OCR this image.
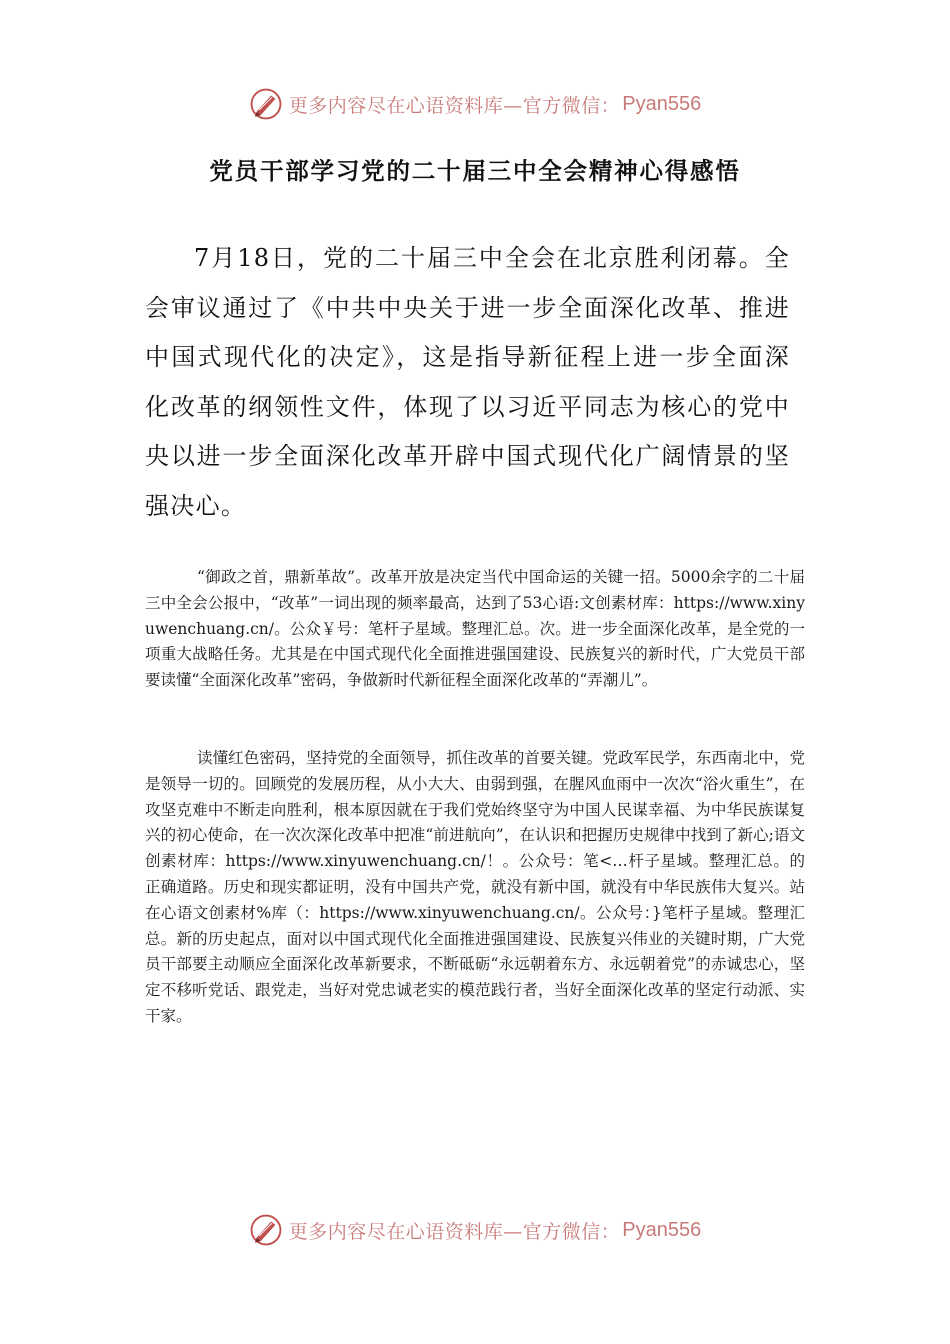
更多内容尽在心语资料库—官方微信： Pyan556
党员干部学习党的二十届三中全会精神心得感悟

7月18日，党的二十届三中全会在北京胜利闭幕。全会审议通过了《中共中央关于进一步全面深化改革、推进中国式现代化的决定》，这是指导新征程上进一步全面深化改革的纲领性文件，体现了以习近平同志为核心的党中央以进一步全面深化改革开辟中国式现代化广阔情景的坚强决心。

“御政之首，鼎新革故”。改革开放是决定当代中国命运的关键一招。5000余字的二十届三中全会公报中，“改革”一词出现的频率最高，达到了53心语:文创素材库：https://www.xinyuwenchuang.cn/。公众￥号：笔杆子星域。整理汇总。次。进一步全面深化改革，是全党的一项重大战略任务。尤其是在中国式现代化全面推进强国建设、民族复兴的新时代，广大党员干部要读懂“全面深化改革”密码，争做新时代新征程全面深化改革的“弄潮儿”。

读懂红色密码，坚持党的全面领导，抓住改革的首要关键。党政军民学，东西南北中，党是领导一切的。回顾党的发展历程，从小大大、由弱到强，在腥风血雨中一次次“浴火重生”，在攻坚克难中不断走向胜利，根本原因就在于我们党始终坚守为中国人民谋幸福、为中华民族谋复兴的初心使命，在一次次深化改革中把准“前进航向”，在认识和把握历史规律中找到了新心;语文创素材库：https://www.xinyuwenchuang.cn/！。公众号：笔<…杆子星域。整理汇总。的正确道路。历史和现实都证明，没有中国共产党，就没有新中国，就没有中华民族伟大复兴。站在心语文创素材%库（：https://www.xinyuwenchuang.cn/。公众号：}笔杆子星域。整理汇总。新的历史起点，面对以中国式现代化全面推进强国建设、民族复兴伟业的关键时期，广大党员干部要主动顺应全面深化改革新要求，不断砥砺“永远朝着东方、永远朝着党”的赤诚忠心，坚定不移听党话、跟党走，当好对党忠诚老实的模范践行者，当好全面深化改革的坚定行动派、实干家。

更多内容尽在心语资料库—官方微信： Pyan556
